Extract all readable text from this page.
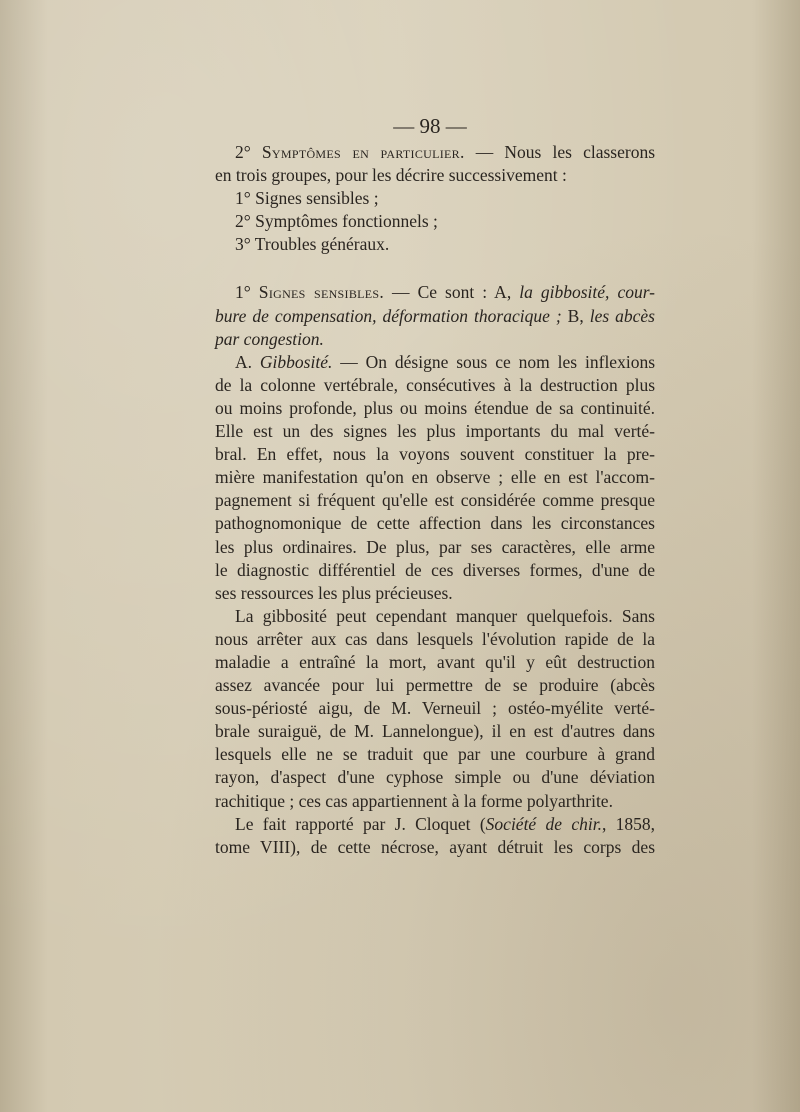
— 98 —
2° Symptômes en particulier. — Nous les classerons
en trois groupes, pour les décrire successivement :
1° Signes sensibles ;
2° Symptômes fonctionnels ;
3° Troubles généraux.
1° Signes sensibles. — Ce sont : A, la gibbosité, cour-
bure de compensation, déformation thoracique ; B, les abcès
par congestion.
A. Gibbosité. — On désigne sous ce nom les inflexions
de la colonne vertébrale, consécutives à la destruction plus
ou moins profonde, plus ou moins étendue de sa continuité.
Elle est un des signes les plus importants du mal verté-
bral. En effet, nous la voyons souvent constituer la pre-
mière manifestation qu'on en observe ; elle en est l'accom-
pagnement si fréquent qu'elle est considérée comme presque
pathognomonique de cette affection dans les circonstances
les plus ordinaires. De plus, par ses caractères, elle arme
le diagnostic différentiel de ces diverses formes, d'une de
ses ressources les plus précieuses.
La gibbosité peut cependant manquer quelquefois. Sans
nous arrêter aux cas dans lesquels l'évolution rapide de la
maladie a entraîné la mort, avant qu'il y eût destruction
assez avancée pour lui permettre de se produire (abcès
sous-périosté aigu, de M. Verneuil ; ostéo-myélite verté-
brale suraiguë, de M. Lannelongue), il en est d'autres dans
lesquels elle ne se traduit que par une courbure à grand
rayon, d'aspect d'une cyphose simple ou d'une déviation
rachitique ; ces cas appartiennent à la forme polyarthrite.
Le fait rapporté par J. Cloquet (Société de chir., 1858,
tome VIII), de cette nécrose, ayant détruit les corps des
